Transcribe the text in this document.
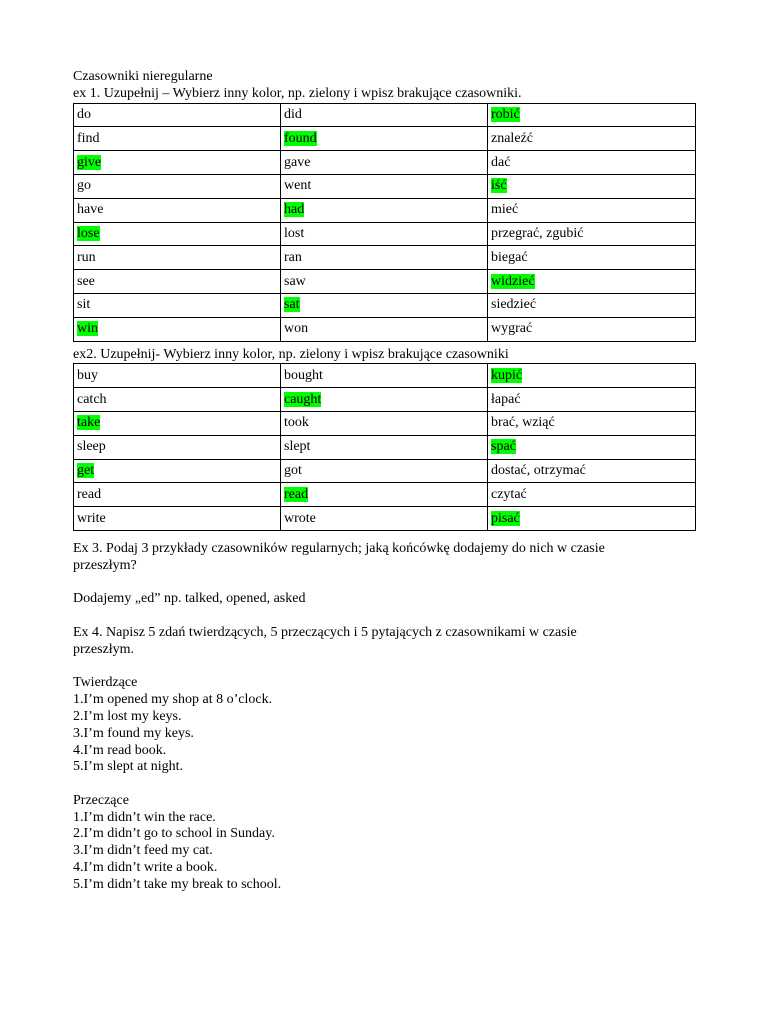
Czasowniki nieregularne
ex 1. Uzupełnij – Wybierz inny kolor, np. zielony i wpisz brakujące czasowniki.
do	did	robić
find	found	znaleźć
give	gave	dać
go	went	iść
have	had	mieć
lose	lost	przegrać, zgubić
run	ran	biegać
see	saw	widzieć
sit	sat	siedzieć
win	won	wygrać
ex2. Uzupełnij- Wybierz inny kolor, np. zielony i wpisz brakujące czasowniki
buy	bought	kupić
catch	caught	łapać
take	took	brać, wziąć
sleep	slept	spać
get	got	dostać, otrzymać
read	read	czytać
write	wrote	pisać
Ex 3. Podaj 3 przykłady czasowników regularnych; jaką końcówkę dodajemy do nich w czasie
przeszłym?
Dodajemy „ed” np. talked, opened, asked
Ex 4. Napisz 5 zdań twierdzących, 5 przeczących i 5 pytających z czasownikami w czasie
przeszłym.
Twierdzące
1.I’m opened my shop at 8 o’clock.
2.I’m lost my keys.
3.I’m found my keys.
4.I’m read book.
5.I’m slept at night.
Przeczące
1.I’m didn’t win the race.
2.I’m didn’t go to school in Sunday.
3.I’m didn’t feed my cat.
4.I’m didn’t write a book.
5.I’m didn’t take my break to school.
